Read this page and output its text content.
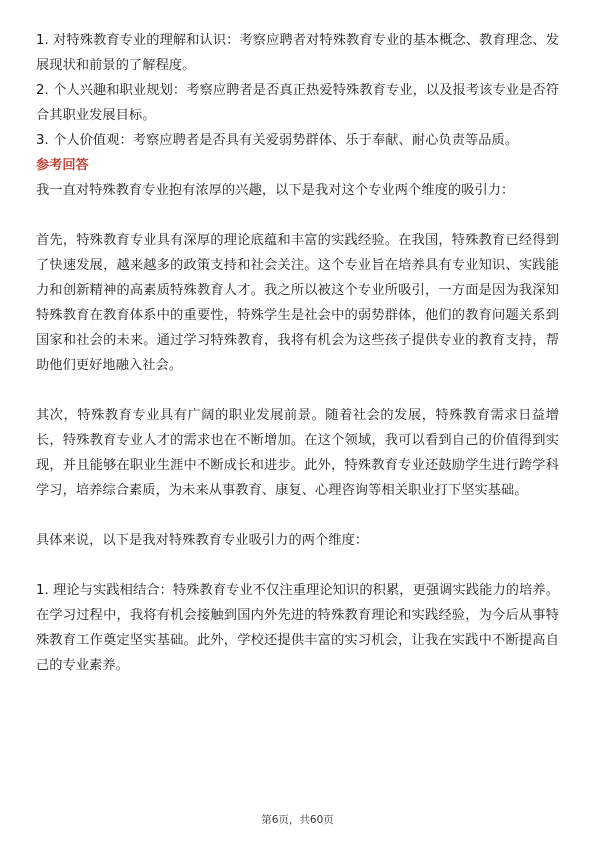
1. 对特殊教育专业的理解和认识：考察应聘者对特殊教育专业的基本概念、教育理念、发展现状和前景的了解程度。

2. 个人兴趣和职业规划：考察应聘者是否真正热爱特殊教育专业，以及报考该专业是否符合其职业发展目标。

3. 个人价值观：考察应聘者是否具有关爱弱势群体、乐于奉献、耐心负责等品质。

参考回答

我一直对特殊教育专业抱有浓厚的兴趣，以下是我对这个专业两个维度的吸引力：

首先，特殊教育专业具有深厚的理论底蕴和丰富的实践经验。在我国，特殊教育已经得到了快速发展，越来越多的政策支持和社会关注。这个专业旨在培养具有专业知识、实践能力和创新精神的高素质特殊教育人才。我之所以被这个专业所吸引，一方面是因为我深知特殊教育在教育体系中的重要性，特殊学生是社会中的弱势群体，他们的教育问题关系到国家和社会的未来。通过学习特殊教育，我将有机会为这些孩子提供专业的教育支持，帮助他们更好地融入社会。

其次，特殊教育专业具有广阔的职业发展前景。随着社会的发展，特殊教育需求日益增长，特殊教育专业人才的需求也在不断增加。在这个领域，我可以看到自己的价值得到实现，并且能够在职业生涯中不断成长和进步。此外，特殊教育专业还鼓励学生进行跨学科学习，培养综合素质，为未来从事教育、康复、心理咨询等相关职业打下坚实基础。

具体来说，以下是我对特殊教育专业吸引力的两个维度：

1. 理论与实践相结合：特殊教育专业不仅注重理论知识的积累，更强调实践能力的培养。在学习过程中，我将有机会接触到国内外先进的特殊教育理论和实践经验，为今后从事特殊教育工作奠定坚实基础。此外，学校还提供丰富的实习机会，让我在实践中不断提高自己的专业素养。

第6页，共60页
